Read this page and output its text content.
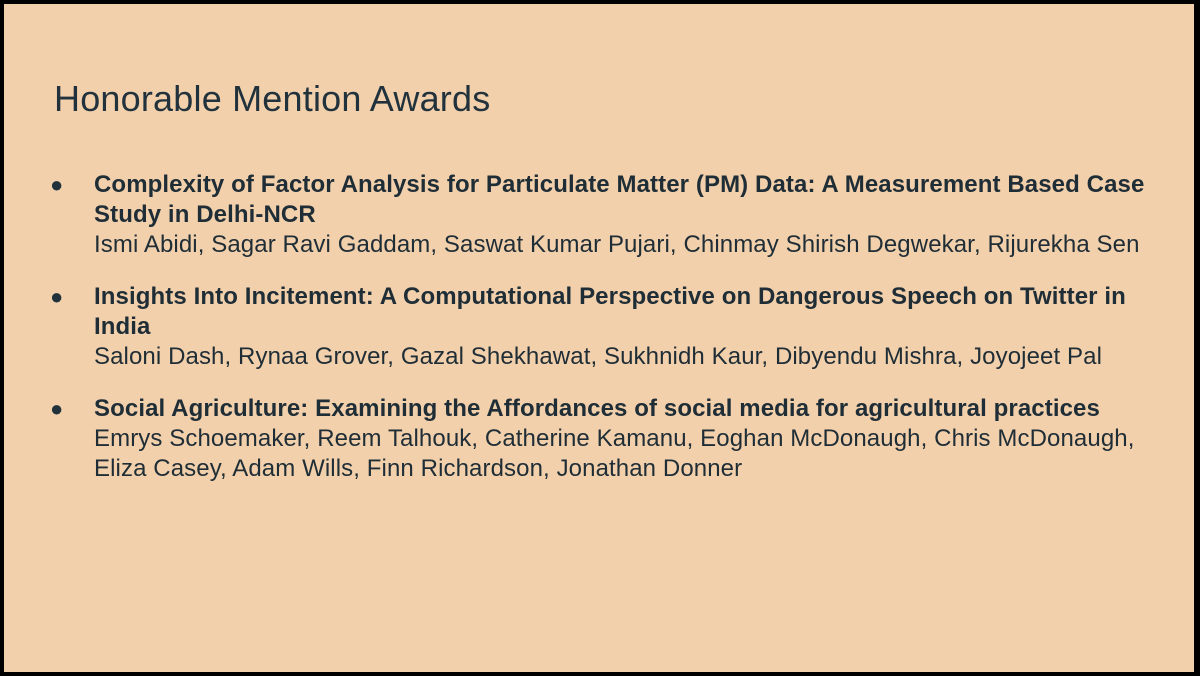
Honorable Mention Awards
● Complexity of Factor Analysis for Particulate Matter (PM) Data: A Measurement Based Case Study in Delhi-NCR
Ismi Abidi, Sagar Ravi Gaddam, Saswat Kumar Pujari, Chinmay Shirish Degwekar, Rijurekha Sen
● Insights Into Incitement: A Computational Perspective on Dangerous Speech on Twitter in India
Saloni Dash, Rynaa Grover, Gazal Shekhawat, Sukhnidh Kaur, Dibyendu Mishra, Joyojeet Pal
● Social Agriculture: Examining the Affordances of social media for agricultural practices
Emrys Schoemaker, Reem Talhouk, Catherine Kamanu, Eoghan McDonaugh, Chris McDonaugh, Eliza Casey, Adam Wills, Finn Richardson, Jonathan Donner
